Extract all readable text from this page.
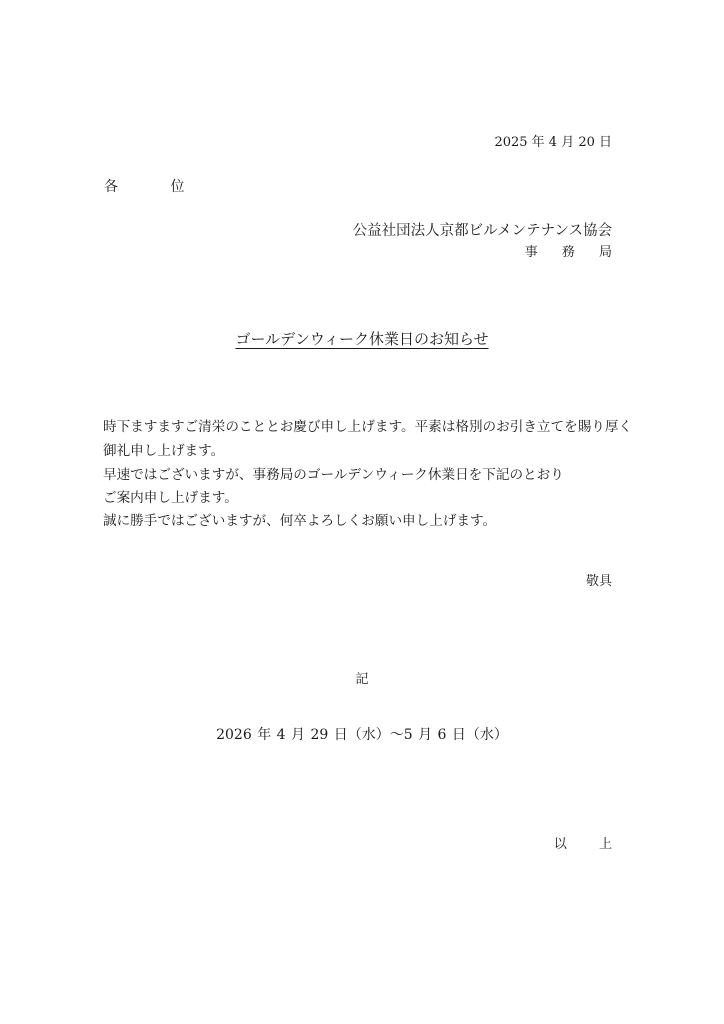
2025 年 4 月 20 日
各 位
公益社団法人京都ビルメンテナンス協会
事 務 局
ゴールデンウィーク休業日のお知らせ
時下ますますご清栄のこととお慶び申し上げます。平素は格別のお引き立てを賜り厚く
御礼申し上げます。
早速ではございますが、事務局のゴールデンウィーク休業日を下記のとおり
ご案内申し上げます。
誠に勝手ではございますが、何卒よろしくお願い申し上げます。
敬具
記
2026 年 4 月 29 日（水）～5 月 6 日（水）
以 上
